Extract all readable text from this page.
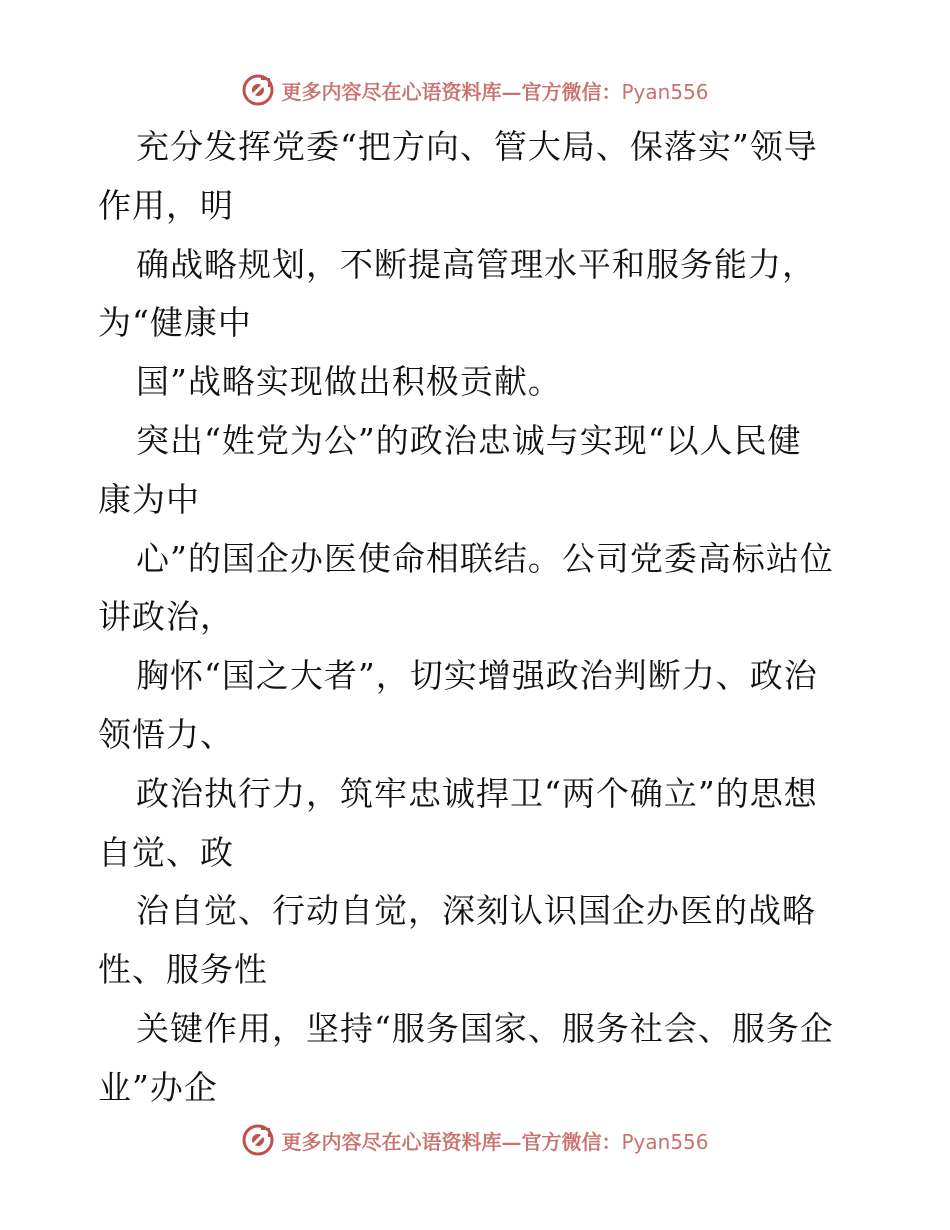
更多内容尽在心语资料库—官方微信：Pyan556
充分发挥党委“把方向、管大局、保落实”领导
作用，明
确战略规划，不断提高管理水平和服务能力，
为“健康中
国”战略实现做出积极贡献。
突出“姓党为公”的政治忠诚与实现“以人民健
康为中
心”的国企办医使命相联结。公司党委高标站位
讲政治，
胸怀“国之大者”，切实增强政治判断力、政治
领悟力、
政治执行力，筑牢忠诚捍卫“两个确立”的思想
自觉、政
治自觉、行动自觉，深刻认识国企办医的战略
性、服务性
关键作用，坚持“服务国家、服务社会、服务企
业”办企
更多内容尽在心语资料库—官方微信：Pyan556
